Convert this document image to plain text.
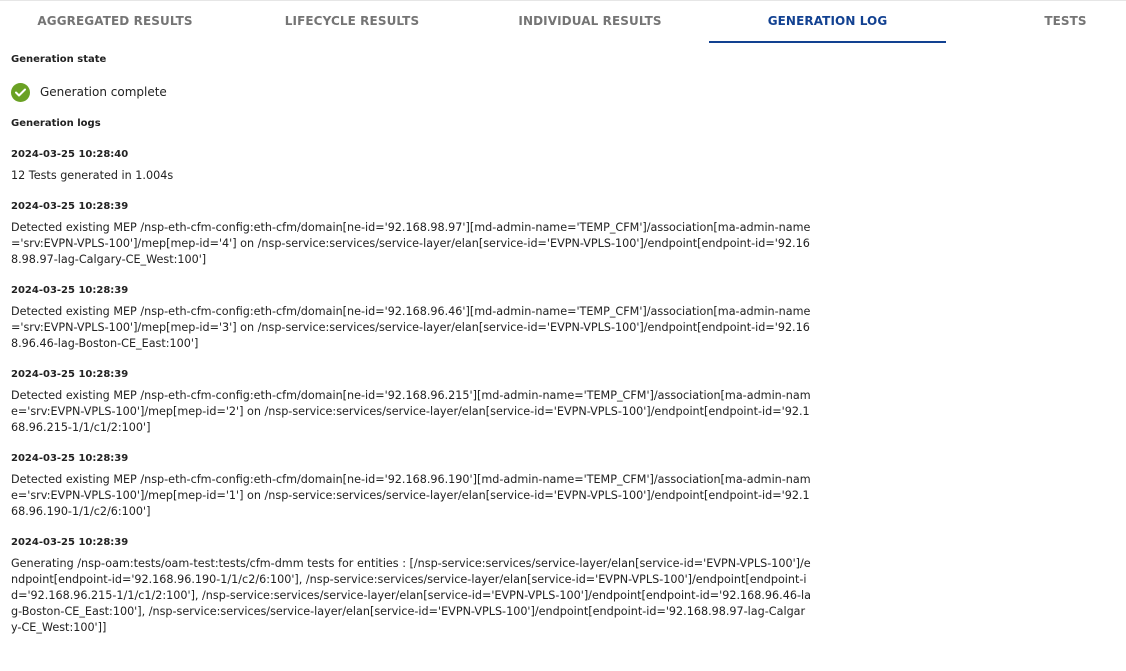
AGGREGATED RESULTS	LIFECYCLE RESULTS	INDIVIDUAL RESULTS	GENERATION LOG	TESTS
Generation state
Generation complete
Generation logs
2024-03-25 10:28:40
12 Tests generated in 1.004s
2024-03-25 10:28:39
Detected existing MEP /nsp-eth-cfm-config:eth-cfm/domain[ne-id='92.168.98.97'][md-admin-name='TEMP_CFM']/association[ma-admin-name='srv:EVPN-VPLS-100']/mep[mep-id='4'] on /nsp-service:services/service-layer/elan[service-id='EVPN-VPLS-100']/endpoint[endpoint-id='92.168.98.97-lag-Calgary-CE_West:100']
2024-03-25 10:28:39
Detected existing MEP /nsp-eth-cfm-config:eth-cfm/domain[ne-id='92.168.96.46'][md-admin-name='TEMP_CFM']/association[ma-admin-name='srv:EVPN-VPLS-100']/mep[mep-id='3'] on /nsp-service:services/service-layer/elan[service-id='EVPN-VPLS-100']/endpoint[endpoint-id='92.168.96.46-lag-Boston-CE_East:100']
2024-03-25 10:28:39
Detected existing MEP /nsp-eth-cfm-config:eth-cfm/domain[ne-id='92.168.96.215'][md-admin-name='TEMP_CFM']/association[ma-admin-name='srv:EVPN-VPLS-100']/mep[mep-id='2'] on /nsp-service:services/service-layer/elan[service-id='EVPN-VPLS-100']/endpoint[endpoint-id='92.168.96.215-1/1/c1/2:100']
2024-03-25 10:28:39
Detected existing MEP /nsp-eth-cfm-config:eth-cfm/domain[ne-id='92.168.96.190'][md-admin-name='TEMP_CFM']/association[ma-admin-name='srv:EVPN-VPLS-100']/mep[mep-id='1'] on /nsp-service:services/service-layer/elan[service-id='EVPN-VPLS-100']/endpoint[endpoint-id='92.168.96.190-1/1/c2/6:100']
2024-03-25 10:28:39
Generating /nsp-oam:tests/oam-test:tests/cfm-dmm tests for entities : [/nsp-service:services/service-layer/elan[service-id='EVPN-VPLS-100']/endpoint[endpoint-id='92.168.96.190-1/1/c2/6:100'], /nsp-service:services/service-layer/elan[service-id='EVPN-VPLS-100']/endpoint[endpoint-id='92.168.96.215-1/1/c1/2:100'], /nsp-service:services/service-layer/elan[service-id='EVPN-VPLS-100']/endpoint[endpoint-id='92.168.96.46-lag-Boston-CE_East:100'], /nsp-service:services/service-layer/elan[service-id='EVPN-VPLS-100']/endpoint[endpoint-id='92.168.98.97-lag-Calgary-CE_West:100']]
